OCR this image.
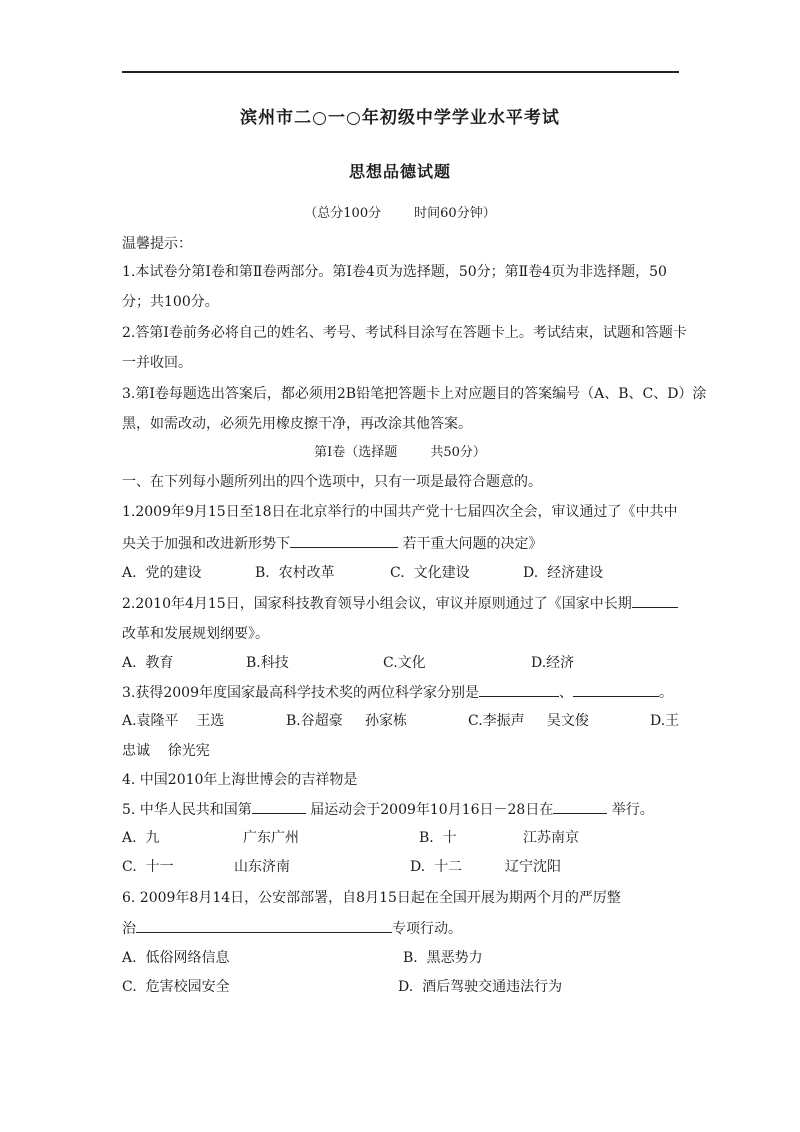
滨州市二○一○年初级中学学业水平考试
思想品德试题
（总分100分        时间60分钟）
温馨提示：
1.本试卷分第Ⅰ卷和第Ⅱ卷两部分。第Ⅰ卷4页为选择题，50分；第Ⅱ卷4页为非选择题，50
分；共100分。
2.答第Ⅰ卷前务必将自己的姓名、考号、考试科目涂写在答题卡上。考试结束，试题和答题卡
一并收回。
3.第Ⅰ卷每题选出答案后，都必须用2B铅笔把答题卡上对应题目的答案编号（A、B、C、D）涂
黑，如需改动，必须先用橡皮擦干净，再改涂其他答案。
第Ⅰ卷（选择题        共50分）
一、在下列每小题所列出的四个选项中，只有一项是最符合题意的。
1.2009年9月15日至18日在北京举行的中国共产党十七届四次全会，审议通过了《中共中
央关于加强和改进新形势下	若干重大问题的决定》
A.  党的建设	B.  农村改革	C.  文化建设	D.  经济建设
2.2010年4月15日，国家科技教育领导小组会议，审议并原则通过了《国家中长期
改革和发展规划纲要》。
A.  教育	B.科技	C.文化	D.经济
3.获得2009年度国家最高科学技术奖的两位科学家分别是	、	。
A.袁隆平    王选	B.谷超豪     孙家栋	C.李振声     吴文俊	D.王
忠诚    徐光宪
4. 中国2010年上海世博会的吉祥物是
5. 中华人民共和国第	届运动会于2009年10月16日－28日在	举行。
A.  九	广东广州	B.  十	江苏南京
C.  十一	山东济南	D.  十二	辽宁沈阳
6. 2009年8月14日，公安部部署，自8月15日起在全国开展为期两个月的严厉整
治	专项行动。
A.  低俗网络信息	B.  黑恶势力
C.  危害校园安全	D.  酒后驾驶交通违法行为
